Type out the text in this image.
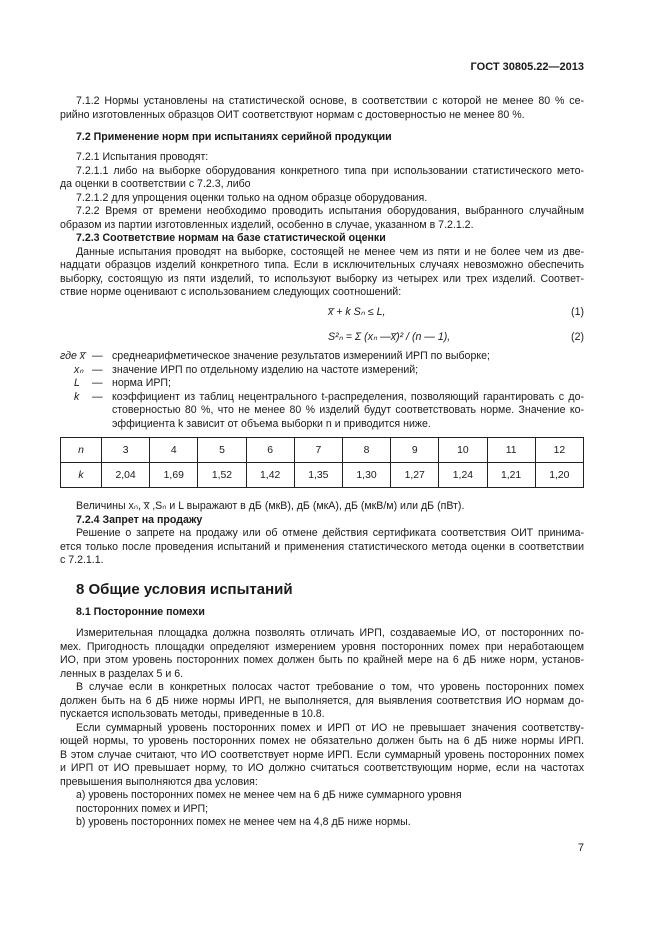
ГОСТ 30805.22—2013
7.1.2 Нормы установлены на статистической основе, в соответствии с которой не менее 80 % се-
рийно изготовленных образцов ОИТ соответствуют нормам с достоверностью не менее 80 %.
7.2 Применение норм при испытаниях серийной продукции
7.2.1 Испытания проводят:
7.2.1.1 либо на выборке оборудования конкретного типа при использовании статистического мето-
да оценки в соответствии с 7.2.3, либо
7.2.1.2 для упрощения оценки только на одном образце оборудования.
7.2.2 Время от времени необходимо проводить испытания оборудования, выбранного случайным
образом из партии изготовленных изделий, особенно в случае, указанном в 7.2.1.2.
7.2.3 Соответствие нормам на базе статистической оценки
Данные испытания проводят на выборке, состоящей не менее чем из пяти и не более чем из две-
надцати образцов изделий конкретного типа. Если в исключительных случаях невозможно обеспечить
выборку, состоящую из пяти изделий, то используют выборку из четырех или трех изделий. Соответ-
ствие норме оценивают с использованием следующих соотношений:
x̅ + k Sₙ ≤ L,	(1)
S²ₙ = Σ (xₙ —x̅)² / (n — 1),	(2)
где x̅ — среднеарифметическое значение результатов измерениий ИРП по выборке;
xₙ — значение ИРП по отдельному изделию на частоте измерений;
L	— норма ИРП;
k	— коэффициент из таблиц нецентрального t-распределения, позволяющий гарантировать с до-
стоверностью 80 %, что не менее 80 % изделий будут соответствовать норме. Значение ко-
эффициента k зависит от объема выборки n и приводится ниже.
n	3	4	5	6	7	8	9	10	11	12
k	2,04	1,69	1,52	1,42	1,35	1,30	1,27	1,24	1,21	1,20
Величины xₙ, x̅ ,Sₙ и L выражают в дБ (мкВ), дБ (мкА), дБ (мкВ/м) или дБ (пВт).
7.2.4 Запрет на продажу
Решение о запрете на продажу или об отмене действия сертификата соответствия ОИТ принима-
ется только после проведения испытаний и применения статистического метода оценки в соответствии
с 7.2.1.1.
8 Общие условия испытаний
8.1 Посторонние помехи
Измерительная площадка должна позволять отличать ИРП, создаваемые ИО, от посторонних по-
мех. Пригодность площадки определяют измерением уровня посторонних помех при неработающем
ИО, при этом уровень посторонних помех должен быть по крайней мере на 6 дБ ниже норм, установ-
ленных в разделах 5 и 6.
В случае если в конкретных полосах частот требование о том, что уровень посторонних помех
должен быть на 6 дБ ниже нормы ИРП, не выполняется, для выявления соответствия ИО нормам до-
пускается использовать методы, приведенные в 10.8.
Если суммарный уровень посторонних помех и ИРП от ИО не превышает значения соответству-
ющей нормы, то уровень посторонних помех не обязательно должен быть на 6 дБ ниже нормы ИРП.
В этом случае считают, что ИО соответствует норме ИРП. Если суммарный уровень посторонних помех
и ИРП от ИО превышает норму, то ИО должно считаться соответствующим норме, если на частотах
превышения выполняются два условия:
a) уровень посторонних помех не менее чем на 6 дБ ниже суммарного уровня
посторонних помех и ИРП;
b) уровень посторонних помех не менее чем на 4,8 дБ ниже нормы.
7
